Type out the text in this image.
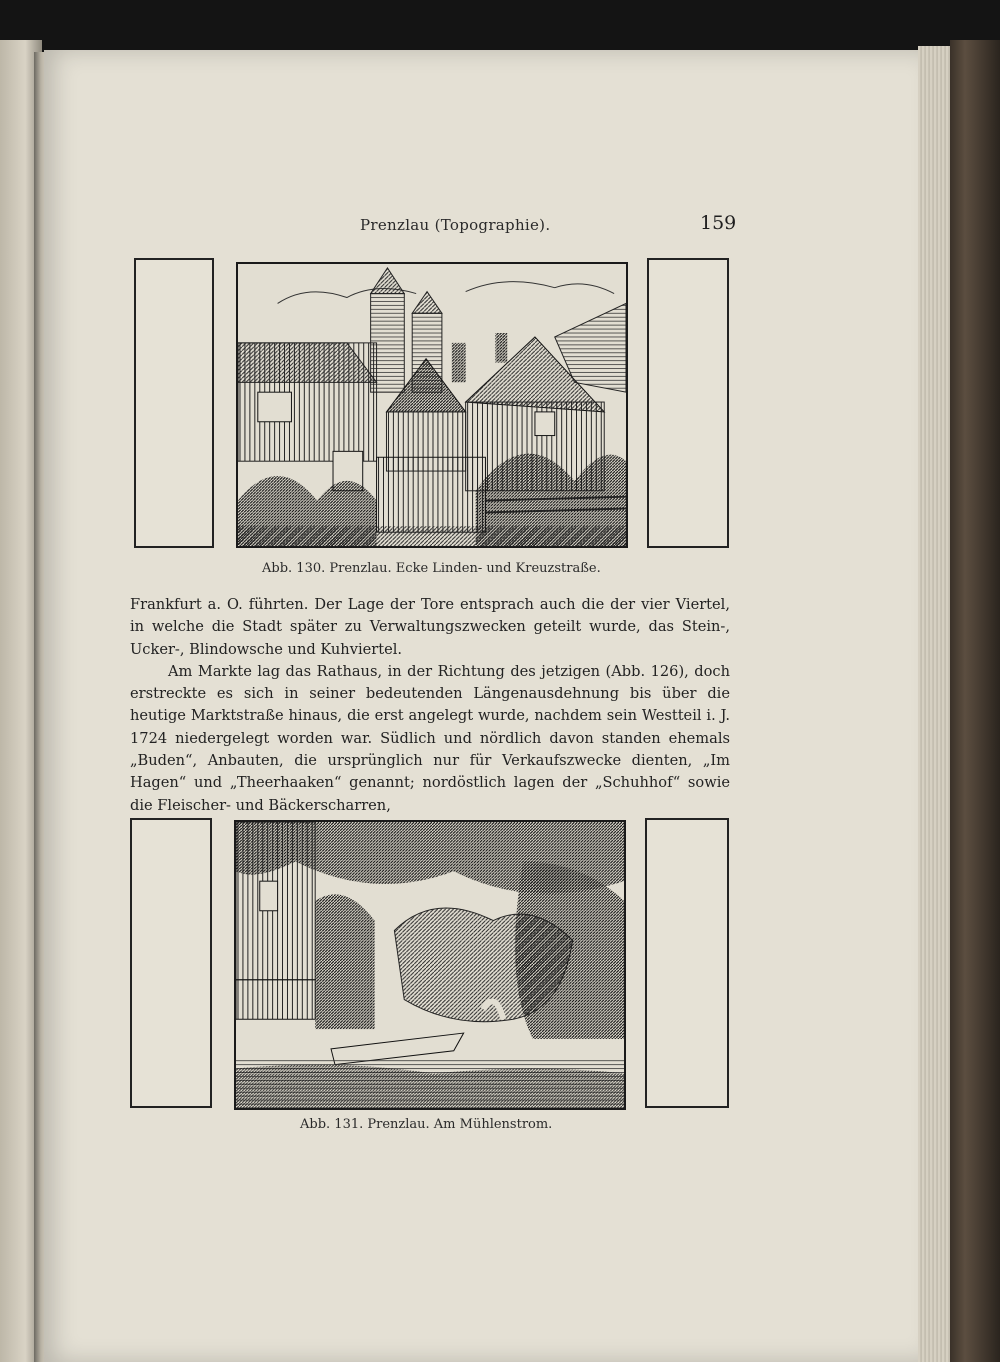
Prenzlau (Topographie).	159
Abb. 130. Prenzlau. Ecke Linden- und Kreuzstraße.

Frankfurt a. O. führten. Der Lage der Tore entsprach auch die der vier Viertel, in welche die Stadt später zu Verwaltungszwecken geteilt wurde, das Stein-, Ucker-, Blindowsche und Kuhviertel.

Am Markte lag das Rathaus, in der Richtung des jetzigen (Abb. 126), doch erstreckte es sich in seiner bedeutenden Längenausdehnung bis über die heutige Marktstraße hinaus, die erst angelegt wurde, nachdem sein Westteil i. J. 1724 niedergelegt worden war. Südlich und nördlich davon standen ehemals „Buden“, Anbauten, die ursprünglich nur für Verkaufszwecke dienten, „Im Hagen“ und „Theerhaaken“ genannt; nordöstlich lagen der „Schuhhof“ sowie die Fleischer- und Bäckerscharren,

Abb. 131. Prenzlau. Am Mühlenstrom.
